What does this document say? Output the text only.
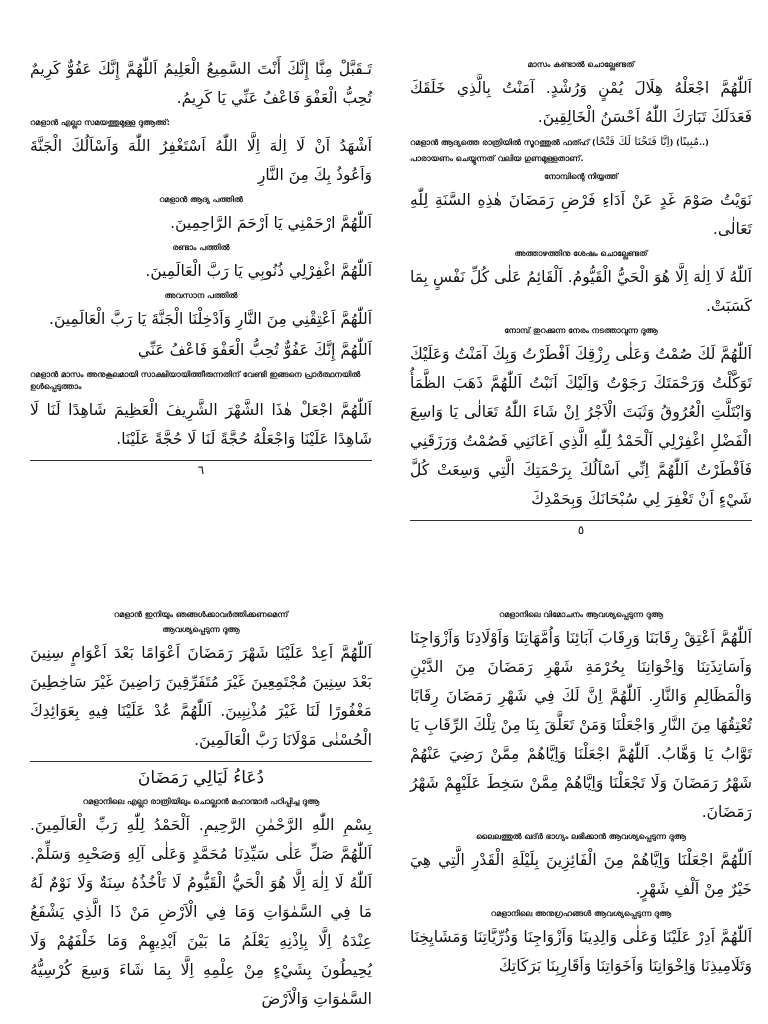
تَـقَبَّلْ مِنَّا إِنَّكَ أَنْتَ السَّمِيعُ الْعَلِيمُ اَللّٰهُمَّ إِنَّكَ عَفُوٌّ كَرِيمٌ تُحِبُّ الْعَفْوَ فَاعْفُ عَنِّي يَا كَرِيمُ.

റമളാൻ എല്ലാ സമയത്തുമുള്ള ദുആഅ്:

اَشْهَدُ اَنْ لَا اِلٰهَ اِلَّا اللّٰهُ اَسْتَغْفِرُ اللّٰهَ وَاَسْاَلُكَ الْجَنَّةَ وَاَعُوذُ بِكَ مِنَ النَّارِ

റമളാൻ ആദ്യ പത്തിൽ

اَللّٰهُمَّ ارْحَمْنِي يَا اَرْحَمَ الرَّاحِمِينَ.

രണ്ടാം പത്തിൽ

اَللّٰهُمَّ اغْفِرْلِي ذُنُوبِي يَا رَبَّ الْعَالَمِينَ.

അവസാന പത്തിൽ

اَللّٰهُمَّ اَعْتِقْنِي مِنَ النَّارِ وَاَدْخِلْنَا الْجَنَّةَ يَا رَبَّ الْعَالَمِينَ.

اَللّٰهُمَّ إِنَّكَ عَفُوٌّ تُحِبُّ الْعَفْوَ فَاعْفُ عَنِّي

റമളാൻ മാസം അനുകൂലമായി സാക്ഷിയായിത്തീരുന്നതിന് വേണ്ടി ഇങ്ങനെ പ്രാർത്ഥനയിൽ ഉൾപ്പെടുത്താം

اَللّٰهُمَّ اجْعَلْ هٰذَا الشَّهْرَ الشَّرِيفَ الْعَظِيمَ شَاهِدًا لَنَا لَا شَاهِدًا عَلَيْنَا وَاجْعَلْهُ حُجَّةً لَنَا لَا حُجَّةً عَلَيْنَا.

٦
മാസം കണ്ടാൽ ചൊല്ലേണ്ടത്

اَللّٰهُمَّ اجْعَلْهُ هِلَالَ يُمْنٍ وَرُشْدٍ. آمَنْتُ بِالَّذِي خَلَقَكَ فَعَدَلَكَ تَبَارَكَ اللّٰهُ اَحْسَنُ الْخَالِقِينَ.

റമളാൻ ആദ്യത്തെ രാത്രിയിൽ സൂറത്തുൽ ഫത്ഹ് (اِنَّا فَتَحْنَا لَكَ فَتْحًا) (مُبِينًا..) പാരായണം ചെയ്യുന്നത് വലിയ ഗുണമുള്ളതാണ്.
നോമ്പിന്റെ നിയ്യത്ത്

نَوَيْتُ صَوْمَ غَدٍ عَنْ اَدَاءِ فَرْضِ رَمَضَانَ هٰذِهِ السَّنَةِ لِلّٰهِ تَعَالٰى.

അത്താഴത്തിനു ശേഷം ചൊല്ലേണ്ടത്

اَللّٰهُ لَا اِلٰهَ اِلَّا هُوَ الْحَيُّ الْقَيُّومُ. اَلْقَائِمُ عَلٰى كُلِّ نَفْسٍ بِمَا كَسَبَتْ.

നോമ്പ് തുറക്കുന്ന നേരം നടത്താവുന്ന ദുആ

اَللّٰهُمَّ لَكَ صُمْتُ وَعَلٰى رِزْقِكَ اَفْطَرْتُ وَبِكَ آمَنْتُ وَعَلَيْكَ تَوَكَّلْتُ وَرَحْمَتَكَ رَجَوْتُ وَاِلَيْكَ اَنَبْتُ اَللّٰهُمَّ ذَهَبَ الظَّمَأُ وَابْتَلَّتِ الْعُرُوقُ وَثَبَتَ الْاَجْرُ اِنْ شَاءَ اللّٰهُ تَعَالٰى يَا وَاسِعَ الْفَضْلِ اغْفِرْلِي اَلْحَمْدُ لِلّٰهِ الَّذِي اَعَانَنِي فَصُمْتُ وَرَزَقَنِي فَاَفْطَرْتُ اَللّٰهُمَّ اِنِّي اَسْاَلُكَ بِرَحْمَتِكَ الَّتِي وَسِعَتْ كُلَّ شَيْءٍ اَنْ تَغْفِرَ لِي سُبْحَانَكَ وَبِحَمْدِكَ

٥
റമളാൻ ഇനിയും ഞങ്ങൾക്കാവർത്തിക്കണമെന്ന്
ആവശ്യപ്പെടുന്ന ദുആ

اَللّٰهُمَّ اَعِدْ عَلَيْنَا شَهْرَ رَمَضَانَ اَعْوَامًا بَعْدَ اَعْوَامٍ سِنِينَ بَعْدَ سِنِينَ مُجْتَمِعِينَ غَيْرَ مُتَفَرِّقِينَ رَاضِينَ غَيْرَ سَاخِطِينَ مَغْفُورًا لَنَا غَيْرَ مُذْنِبِينَ. اَللّٰهُمَّ عُدْ عَلَيْنَا فِيهِ بِعَوَائِدِكَ الْحُسْنٰى مَوْلَانَا رَبَّ الْعَالَمِينَ.

دُعَاءُ لَيَالِي رَمَضَانَ
റമളാനിലെ എല്ലാ രാത്രിയിലും ചൊല്ലാൻ മഹാന്മാർ പഠിപ്പിച്ച ദുആ

بِسْمِ اللّٰهِ الرَّحْمٰنِ الرَّحِيمِ. اَلْحَمْدُ لِلّٰهِ رَبِّ الْعَالَمِينَ. اَللّٰهُمَّ صَلِّ عَلٰى سَيِّدِنَا مُحَمَّدٍ وَعَلٰى آلِهِ وَصَحْبِهِ وَسَلِّمْ. اَللّٰهُ لَا اِلٰهَ اِلَّا هُوَ الْحَيُّ الْقَيُّومُ لَا تَاْخُذُهُ سِنَةٌ وَلَا نَوْمٌ لَهُ مَا فِي السَّمٰوَاتِ وَمَا فِي الْاَرْضِ مَنْ ذَا الَّذِي يَشْفَعُ عِنْدَهُ اِلَّا بِاِذْنِهِ يَعْلَمُ مَا بَيْنَ اَيْدِيهِمْ وَمَا خَلْفَهُمْ وَلَا يُحِيطُونَ بِشَيْءٍ مِنْ عِلْمِهِ اِلَّا بِمَا شَاءَ وَسِعَ كُرْسِيُّهُ السَّمٰوَاتِ وَالْاَرْضَ

റമളാനിലെ വിമോചനം ആവശ്യപ്പെടുന്ന ദുആ

اَللّٰهُمَّ اَعْتِقْ رِقَابَنَا وَرِقَابَ آبَائِنَا وَاُمَّهَاتِنَا وَاَوْلَادِنَا وَاَزْوَاجِنَا وَاَسَاتِذَتِنَا وَاِخْوَانِنَا بِحُرْمَةِ شَهْرِ رَمَضَانَ مِنَ الدَّيْنِ وَالْمَظَالِمِ وَالنَّارِ. اَللّٰهُمَّ اِنَّ لَكَ فِي شَهْرِ رَمَضَانَ رِقَابًا تُعْتِقُهَا مِنَ النَّارِ وَاجْعَلْنَا وَمَنْ تَعَلَّقَ بِنَا مِنْ تِلْكَ الرِّقَابِ يَا تَوَّابُ يَا وَهَّابُ. اَللّٰهُمَّ اجْعَلْنَا وَاِيَّاهُمْ مِمَّنْ رَضِيَ عَنْهُمْ شَهْرُ رَمَضَانَ وَلَا تَجْعَلْنَا وَاِيَّاهُمْ مِمَّنْ سَخِطَ عَلَيْهِمْ شَهْرُ رَمَضَانَ.

ലൈലത്തുൽ ഖദ്ർ ഭാഗ്യം ലഭിക്കാൻ ആവശ്യപ്പെടുന്ന ദുആ

اَللّٰهُمَّ اجْعَلْنَا وَاِيَّاهُمْ مِنَ الْفَائِزِينَ بِلَيْلَةِ الْقَدْرِ الَّتِي هِيَ خَيْرٌ مِنْ اَلْفِ شَهْرٍ.

റമളാനിലെ അനുഗ്രഹങ്ങൾ ആവശ്യപ്പെടുന്ന ദുആ

اَللّٰهُمَّ اَدِرْ عَلَيْنَا وَعَلٰى وَالِدِينَا وَاَزْوَاجِنَا وَذُرِّيَّاتِنَا وَمَشَايِخِنَا وَتَلَامِيذِنَا وَاِخْوَانِنَا وَاَخَوَاتِنَا وَاَقَارِبِنَا بَرَكَاتِكَ
